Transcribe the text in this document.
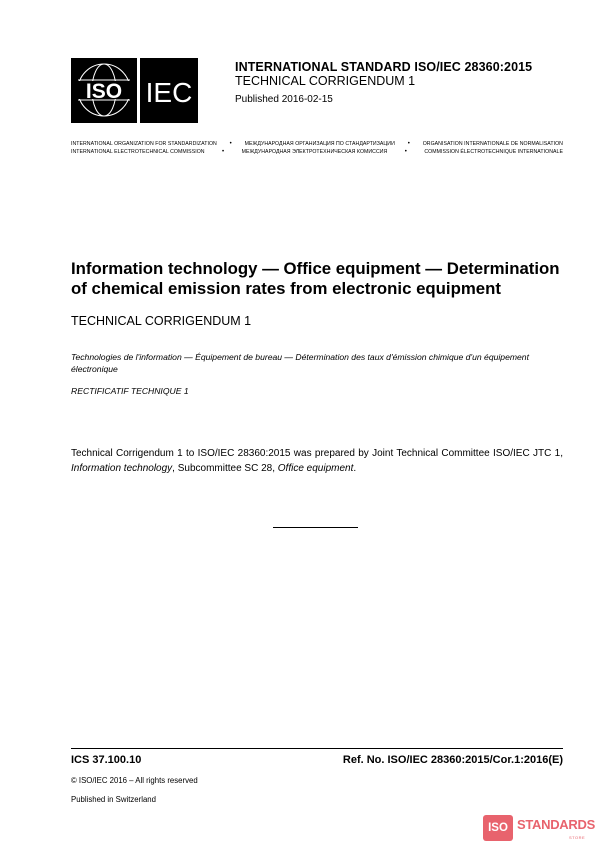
ISO IEC
INTERNATIONAL STANDARD ISO/IEC 28360:2015
TECHNICAL CORRIGENDUM 1
Published 2016-02-15
INTERNATIONAL ORGANIZATION FOR STANDARDIZATION • МЕЖДУНАРОДНАЯ ОРГАНИЗАЦИЯ ПО СТАНДАРТИЗАЦИИ • ORGANISATION INTERNATIONALE DE NORMALISATION
INTERNATIONAL ELECTROTECHNICAL COMMISSION	•	МЕЖДУНАРОДНАЯ ЭЛЕКТРОТЕХНИЧЕСКАЯ КОМИССИЯ	•	COMMISSION ÉLECTROTECHNIQUE INTERNATIONALE
Information technology — Office equipment — Determination of chemical emission rates from electronic equipment
TECHNICAL CORRIGENDUM 1
Technologies de l'information — Équipement de bureau — Détermination des taux d'émission chimique d'un équipement électronique
RECTIFICATIF TECHNIQUE 1
Technical Corrigendum 1 to ISO/IEC 28360:2015 was prepared by Joint Technical Committee ISO/IEC JTC 1, Information technology, Subcommittee SC 28, Office equipment.
ICS 37.100.10	Ref. No. ISO/IEC 28360:2015/Cor.1:2016(E)
© ISO/IEC 2016 – All rights reserved
Published in Switzerland
ISO STANDARDS
STORE
